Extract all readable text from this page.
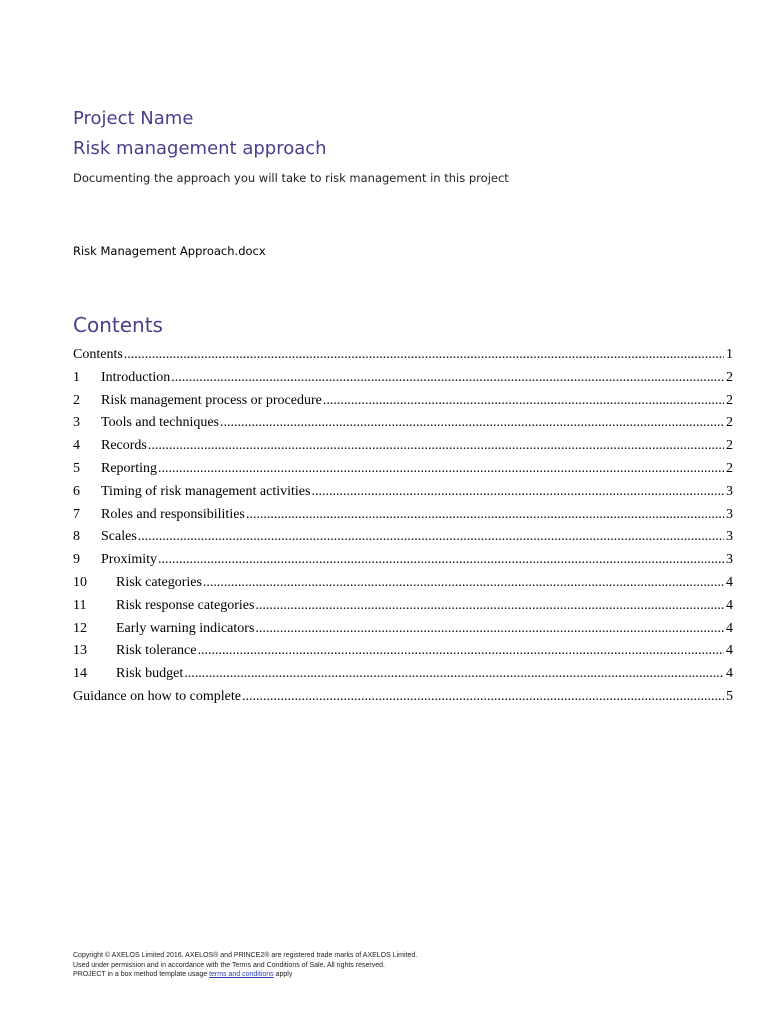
Project Name
Risk management approach
Documenting the approach you will take to risk management in this project
Risk Management Approach.docx
Contents
Contents .....	1
1	Introduction .....	2
2	Risk management process or procedure .....	2
3	Tools and techniques .....	2
4	Records .....	2
5	Reporting .....	2
6	Timing of risk management activities .....	3
7	Roles and responsibilities .....	3
8	Scales .....	3
9	Proximity .....	3
10	Risk categories .....	4
11	Risk response categories .....	4
12	Early warning indicators .....	4
13	Risk tolerance .....	4
14	Risk budget .....	4
Guidance on how to complete .....	5
Copyright © AXELOS Limited 2016. AXELOS® and PRINCE2® are registered trade marks of AXELOS Limited.
Used under permission and in accordance with the Terms and Conditions of Sale. All rights reserved.
PROJECT in a box method template usage terms and conditions apply
